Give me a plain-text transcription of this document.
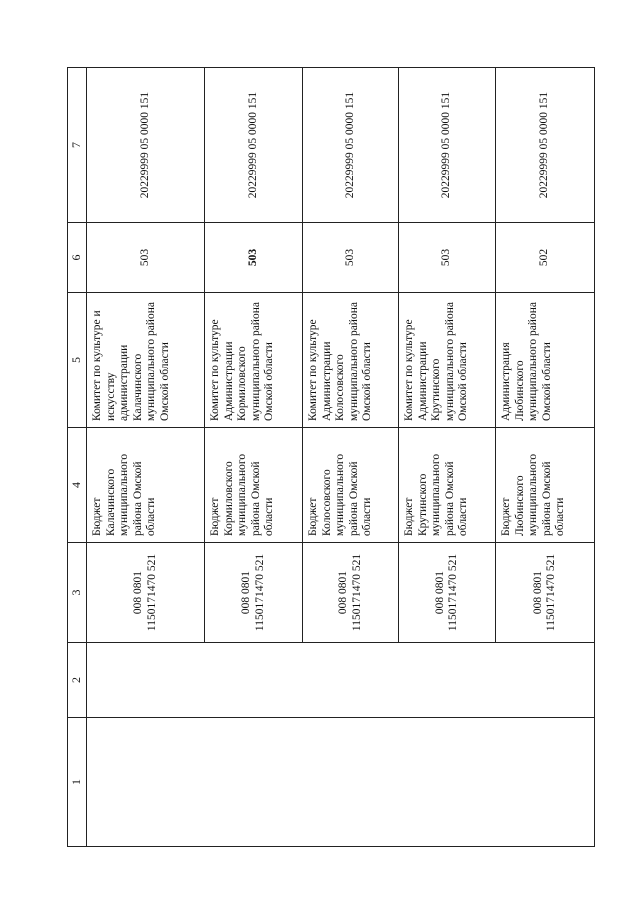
1
2
3
4
5
6
7
008 0801
1150171470 521
Бюджет
Калачинского
муниципального
района Омской
области
Комитет по культуре и
искусству
администрации
Калачинского
муниципального района
Омской области
503
20229999 05 0000 151
008 0801
1150171470 521
Бюджет
Кормиловского
муниципального
района Омской
области
Комитет по культуре
Администрации
Кормиловского
муниципального района
Омской области
503
20229999 05 0000 151
008 0801
1150171470 521
Бюджет
Колосовского
муниципального
района Омской
области
Комитет по культуре
Администрации
Колосовского
муниципального района
Омской области
503
20229999 05 0000 151
008 0801
1150171470 521
Бюджет
Крутинского
муниципального
района Омской
области
Комитет по культуре
Администрации
Крутинского
муниципального района
Омской области
503
20229999 05 0000 151
008 0801
1150171470 521
Бюджет
Любинского
муниципального
района Омской
области
Администрация
Любинского
муниципального района
Омской области
502
20229999 05 0000 151
